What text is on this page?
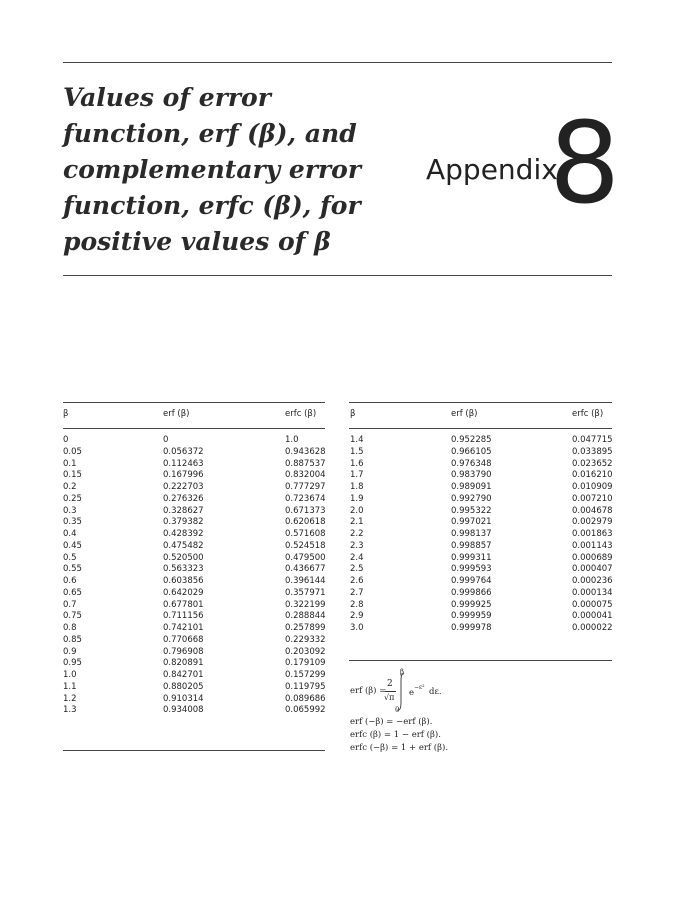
Values of error
function, erf (β), and
complementary error
function, erfc (β), for
positive values of β
Appendix
8
β	erf (β)	erfc (β)
0	0	1.0
0.05	0.056372	0.943628
0.1	0.112463	0.887537
0.15	0.167996	0.832004
0.2	0.222703	0.777297
0.25	0.276326	0.723674
0.3	0.328627	0.671373
0.35	0.379382	0.620618
0.4	0.428392	0.571608
0.45	0.475482	0.524518
0.5	0.520500	0.479500
0.55	0.563323	0.436677
0.6	0.603856	0.396144
0.65	0.642029	0.357971
0.7	0.677801	0.322199
0.75	0.711156	0.288844
0.8	0.742101	0.257899
0.85	0.770668	0.229332
0.9	0.796908	0.203092
0.95	0.820891	0.179109
1.0	0.842701	0.157299
1.1	0.880205	0.119795
1.2	0.910314	0.089686
1.3	0.934008	0.065992
β	erf (β)	erfc (β)
1.4	0.952285	0.047715
1.5	0.966105	0.033895
1.6	0.976348	0.023652
1.7	0.983790	0.016210
1.8	0.989091	0.010909
1.9	0.992790	0.007210
2.0	0.995322	0.004678
2.1	0.997021	0.002979
2.2	0.998137	0.001863
2.3	0.998857	0.001143
2.4	0.999311	0.000689
2.5	0.999593	0.000407
2.6	0.999764	0.000236
2.7	0.999866	0.000134
2.8	0.999925	0.000075
2.9	0.999959	0.000041
3.0	0.999978	0.000022
erf (β) =
2
√π
β
0
e
−ε² dε.
erf (−β) = −erf (β).
erfc (β) = 1 − erf (β).
erfc (−β) = 1 + erf (β).
